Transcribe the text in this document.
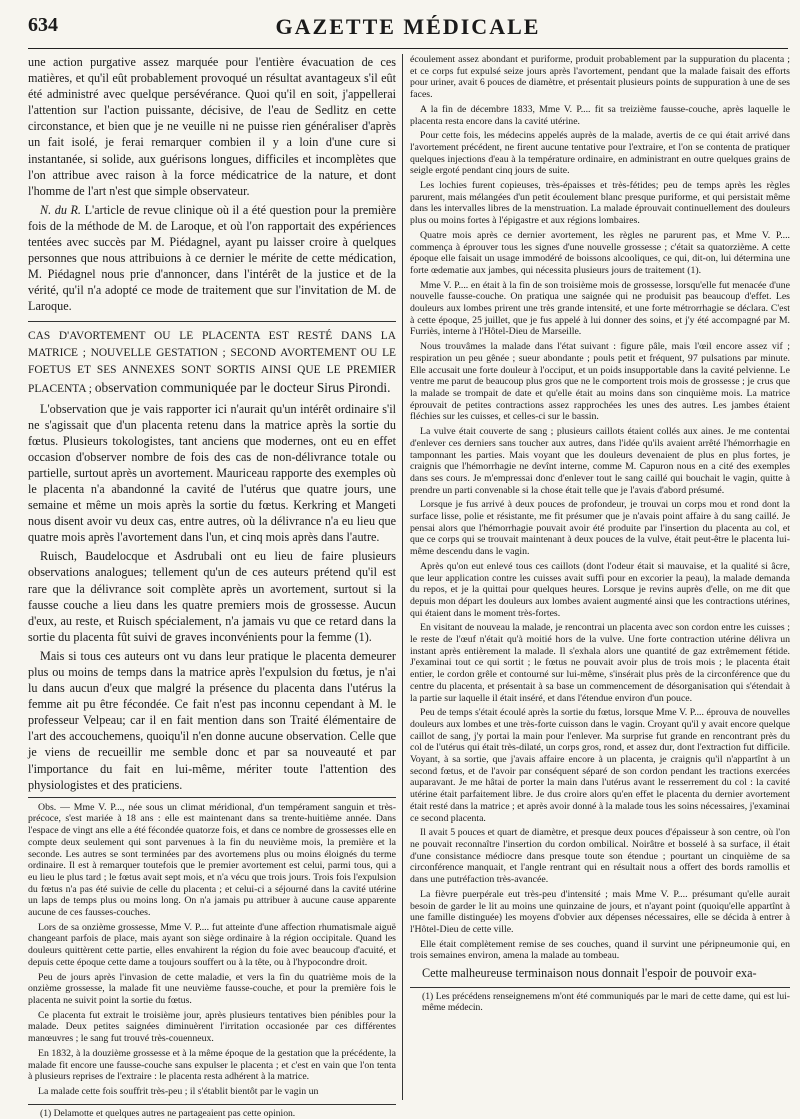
634	GAZETTE MÉDICALE

une action purgative assez marquée pour l'entière évacuation de ces matières, et qu'il eût probablement provoqué un résultat avantageux s'il eût été administré avec quelque persévérance. Quoi qu'il en soit, j'appellerai l'attention sur l'action puissante, décisive, de l'eau de Sedlitz en cette circonstance, et bien que je ne veuille ni ne puisse rien généraliser d'après un fait isolé, je ferai remarquer combien il y a loin d'une cure si instantanée, si solide, aux guérisons longues, difficiles et incomplètes que l'on attribue avec raison à la force médicatrice de la nature, et dont l'homme de l'art n'est que simple observateur.

N. du R. L'article de revue clinique où il a été question pour la première fois de la méthode de M. de Laroque, et où l'on rapportait des expériences tentées avec succès par M. Piédagnel, ayant pu laisser croire à quelques personnes que nous attribuions à ce dernier le mérite de cette médication, M. Piédagnel nous prie d'annoncer, dans l'intérêt de la justice et de la vérité, qu'il n'a adopté ce mode de traitement que sur l'invitation de M. de Laroque.

CAS D'AVORTEMENT OU LE PLACENTA EST RESTÉ DANS LA MATRICE ; NOUVELLE GESTATION ; SECOND AVORTEMENT OU LE FOETUS ET SES ANNEXES SONT SORTIS AINSI QUE LE PREMIER PLACENTA ; observation communiquée par le docteur Sirus Pirondi.

L'observation que je vais rapporter ici n'aurait qu'un intérêt ordinaire s'il ne s'agissait que d'un placenta retenu dans la matrice après la sortie du fœtus. Plusieurs tokologistes, tant anciens que modernes, ont eu en effet occasion d'observer nombre de fois des cas de non-délivrance totale ou partielle, surtout après un avortement. Mauriceau rapporte des exemples où le placenta n'a abandonné la cavité de l'utérus que quatre jours, une semaine et même un mois après la sortie du fœtus. Kerkring et Mangeti nous disent avoir vu deux cas, entre autres, où la délivrance n'a eu lieu que quatre mois après l'avortement dans l'un, et cinq mois après dans l'autre.

Ruisch, Baudelocque et Asdrubali ont eu lieu de faire plusieurs observations analogues; tellement qu'un de ces auteurs prétend qu'il est rare que la délivrance soit complète après un avortement, surtout si la fausse couche a lieu dans les quatre premiers mois de grossesse. Aucun d'eux, au reste, et Ruisch spécialement, n'a jamais vu que ce retard dans la sortie du placenta fût suivi de graves inconvénients pour la femme (1).

Mais si tous ces auteurs ont vu dans leur pratique le placenta demeurer plus ou moins de temps dans la matrice après l'expulsion du fœtus, je n'ai lu dans aucun d'eux que malgré la présence du placenta dans l'utérus la femme ait pu être fécondée. Ce fait n'est pas inconnu cependant à M. le professeur Velpeau; car il en fait mention dans son Traité élémentaire de l'art des accouchemens, quoiqu'il n'en donne aucune observation. Celle que je viens de recueillir me semble donc et par sa nouveauté et par l'importance du fait en lui-même, mériter toute l'attention des physiologistes et des praticiens.

Obs. — Mme V. P..., née sous un climat méridional, d'un tempérament sanguin et très-précoce, s'est mariée à 18 ans : elle est maintenant dans sa trente-huitième année. Dans l'espace de vingt ans elle a été fécondée quatorze fois, et dans ce nombre de grossesses elle en compte deux seulement qui sont parvenues à la fin du neuvième mois, la première et la seconde. Les autres se sont terminées par des avortemens plus ou moins éloignés du terme ordinaire. Il est à remarquer toutefois que le premier avortement est celui, parmi tous, qui a eu lieu le plus tard ; le fœtus avait sept mois, et n'a vécu que trois jours. Trois fois l'expulsion du fœtus n'a pas été suivie de celle du placenta ; et celui-ci a séjourné dans la cavité utérine un laps de temps plus ou moins long. On n'a jamais pu attribuer à aucune cause apparente aucune de ces fausses-couches.

Lors de sa onzième grossesse, Mme V. P.... fut atteinte d'une affection rhumatismale aiguë changeant parfois de place, mais ayant son siège ordinaire à la région occipitale. Quand les douleurs quittèrent cette partie, elles envahirent la région du foie avec beaucoup d'acuité, et depuis cette époque cette dame a toujours souffert ou à la tête, ou à l'hypocondre droit.

Peu de jours après l'invasion de cette maladie, et vers la fin du quatrième mois de la onzième grossesse, la malade fit une neuvième fausse-couche, et pour la première fois le placenta ne suivit point la sortie du fœtus.

Ce placenta fut extrait le troisième jour, après plusieurs tentatives bien pénibles pour la malade. Deux petites saignées diminuèrent l'irritation occasionée par ces différentes manœuvres ; le sang fut trouvé très-couenneux.

En 1832, à la douzième grossesse et à la même époque de la gestation que la précédente, la malade fit encore une fausse-couche sans expulser le placenta ; et c'est en vain que l'on tenta à plusieurs reprises de l'extraire : le placenta resta adhérent à la matrice.

La malade cette fois souffrit très-peu ; il s'établit bientôt par le vagin un

(1) Delamotte et quelques autres ne partageaient pas cette opinion.

écoulement assez abondant et puriforme, produit probablement par la suppuration du placenta ; et ce corps fut expulsé seize jours après l'avortement, pendant que la malade faisait des efforts pour uriner, avait 6 pouces de diamètre, et présentait plusieurs points de suppuration à une de ses faces.

A la fin de décembre 1833, Mme V. P.... fit sa treizième fausse-couche, après laquelle le placenta resta encore dans la cavité utérine.

Pour cette fois, les médecins appelés auprès de la malade, avertis de ce qui était arrivé dans l'avortement précédent, ne firent aucune tentative pour l'extraire, et l'on se contenta de pratiquer quelques injections d'eau à la température ordinaire, en administrant en outre quelques grains de seigle ergoté pendant cinq jours de suite.

Les lochies furent copieuses, très-épaisses et très-fétides; peu de temps après les règles parurent, mais mélangées d'un petit écoulement blanc presque puriforme, et qui persistait même dans les intervalles libres de la menstruation. La malade éprouvait continuellement des douleurs plus ou moins fortes à l'épigastre et aux régions lombaires.

Quatre mois après ce dernier avortement, les règles ne parurent pas, et Mme V. P.... commença à éprouver tous les signes d'une nouvelle grossesse ; c'était sa quatorzième. A cette époque elle faisait un usage immodéré de boissons alcooliques, ce qui, dit-on, lui détermina une forte œdematie aux jambes, qui nécessita plusieurs jours de traitement (1).

Mme V. P.... en était à la fin de son troisième mois de grossesse, lorsqu'elle fut menacée d'une nouvelle fausse-couche. On pratiqua une saignée qui ne produisit pas beaucoup d'effet. Les douleurs aux lombes prirent une très grande intensité, et une forte métrorrhagie se déclara. C'est à cette époque, 25 juillet, que je fus appelé à lui donner des soins, et j'y été accompagné par M. Furriès, interne à l'Hôtel-Dieu de Marseille.

Nous trouvâmes la malade dans l'état suivant : figure pâle, mais l'œil encore assez vif ; respiration un peu gênée ; sueur abondante ; pouls petit et fréquent, 97 pulsations par minute. Elle accusait une forte douleur à l'occiput, et un poids insupportable dans la cavité pelvienne. Le ventre me parut de beaucoup plus gros que ne le comportent trois mois de grossesse ; je crus que la malade se trompait de date et qu'elle était au moins dans son cinquième mois. La matrice éprouvait de petites contractions assez rapprochées les unes des autres. Les jambes étaient fléchies sur les cuisses, et celles-ci sur le bassin.

La vulve était couverte de sang ; plusieurs caillots étaient collés aux aines. Je me contentai d'enlever ces derniers sans toucher aux autres, dans l'idée qu'ils avaient arrêté l'hémorrhagie en tamponnant les parties. Mais voyant que les douleurs devenaient de plus en plus fortes, je craignis que l'hémorrhagie ne devînt interne, comme M. Capuron nous en a cité des exemples dans ses cours. Je m'empressai donc d'enlever tout le sang caillé qui bouchait le vagin, quitte à prendre un parti convenable si la chose était telle que je l'avais d'abord présumé.

Lorsque je fus arrivé à deux pouces de profondeur, je trouvai un corps mou et rond dont la surface lisse, polie et résistante, me fit présumer que je n'avais point affaire à du sang caillé. Je pensai alors que l'hémorrhagie pouvait avoir été produite par l'insertion du placenta au col, et que ce corps qui se trouvait maintenant à deux pouces de la vulve, était peut-être le placenta lui-même descendu dans le vagin.

Après qu'on eut enlevé tous ces caillots (dont l'odeur était si mauvaise, et la qualité si âcre, que leur application contre les cuisses avait suffi pour en excorier la peau), la malade demanda du repos, et je la quittai pour quelques heures. Lorsque je revins auprès d'elle, on me dit que depuis mon départ les douleurs aux lombes avaient augmenté ainsi que les contractions utérines, qui étaient dans le moment très-fortes.

En visitant de nouveau la malade, je rencontrai un placenta avec son cordon entre les cuisses ; le reste de l'œuf n'était qu'à moitié hors de la vulve. Une forte contraction utérine délivra un instant après entièrement la malade. Il s'exhala alors une quantité de gaz extrêmement fétide. J'examinai tout ce qui sortit ; le fœtus ne pouvait avoir plus de trois mois ; le placenta était entier, le cordon grêle et contourné sur lui-même, s'insérait plus près de la circonférence que du centre du placenta, et présentait à sa base un commencement de désorganisation qui s'étendait à la partie sur laquelle il était inséré, et dans l'étendue environ d'un pouce.

Peu de temps s'était écoulé après la sortie du fœtus, lorsque Mme V. P.... éprouva de nouvelles douleurs aux lombes et une très-forte cuisson dans le vagin. Croyant qu'il y avait encore quelque caillot de sang, j'y portai la main pour l'enlever. Ma surprise fut grande en rencontrant près du col de l'utérus qui était très-dilaté, un corps gros, rond, et assez dur, dont l'extraction fut difficile. Voyant, à sa sortie, que j'avais affaire encore à un placenta, je craignis qu'il n'appartînt à un second fœtus, et de l'avoir par conséquent séparé de son cordon pendant les tractions exercées auparavant. Je me hâtai de porter la main dans l'utérus avant le resserrement du col : la cavité utérine était parfaitement libre. Je dus croire alors qu'en effet le placenta du dernier avortement était resté dans la matrice ; et après avoir donné à la malade tous les soins nécessaires, j'examinai ce second placenta.

Il avait 5 pouces et quart de diamètre, et presque deux pouces d'épaisseur à son centre, où l'on ne pouvait reconnaître l'insertion du cordon ombilical. Noirâtre et bosselé à sa surface, il était d'une consistance médiocre dans presque toute son étendue ; pourtant un cinquième de sa circonférence manquait, et l'angle rentrant qui en résultait nous a offert des bords ramollis et dans une putréfaction très-avancée.

La fièvre puerpérale eut très-peu d'intensité ; mais Mme V. P.... présumant qu'elle aurait besoin de garder le lit au moins une quinzaine de jours, et n'ayant point (quoiqu'elle appartînt à une famille distinguée) les moyens d'obvier aux dépenses nécessaires, elle se décida à entrer à l'Hôtel-Dieu de cette ville.

Elle était complètement remise de ses couches, quand il survint une péripneumonie qui, en trois semaines environ, amena la malade au tombeau.

Cette malheureuse terminaison nous donnait l'espoir de pouvoir exa-

(1) Les précédens renseignemens m'ont été communiqués par le mari de cette dame, qui est lui-même médecin.
